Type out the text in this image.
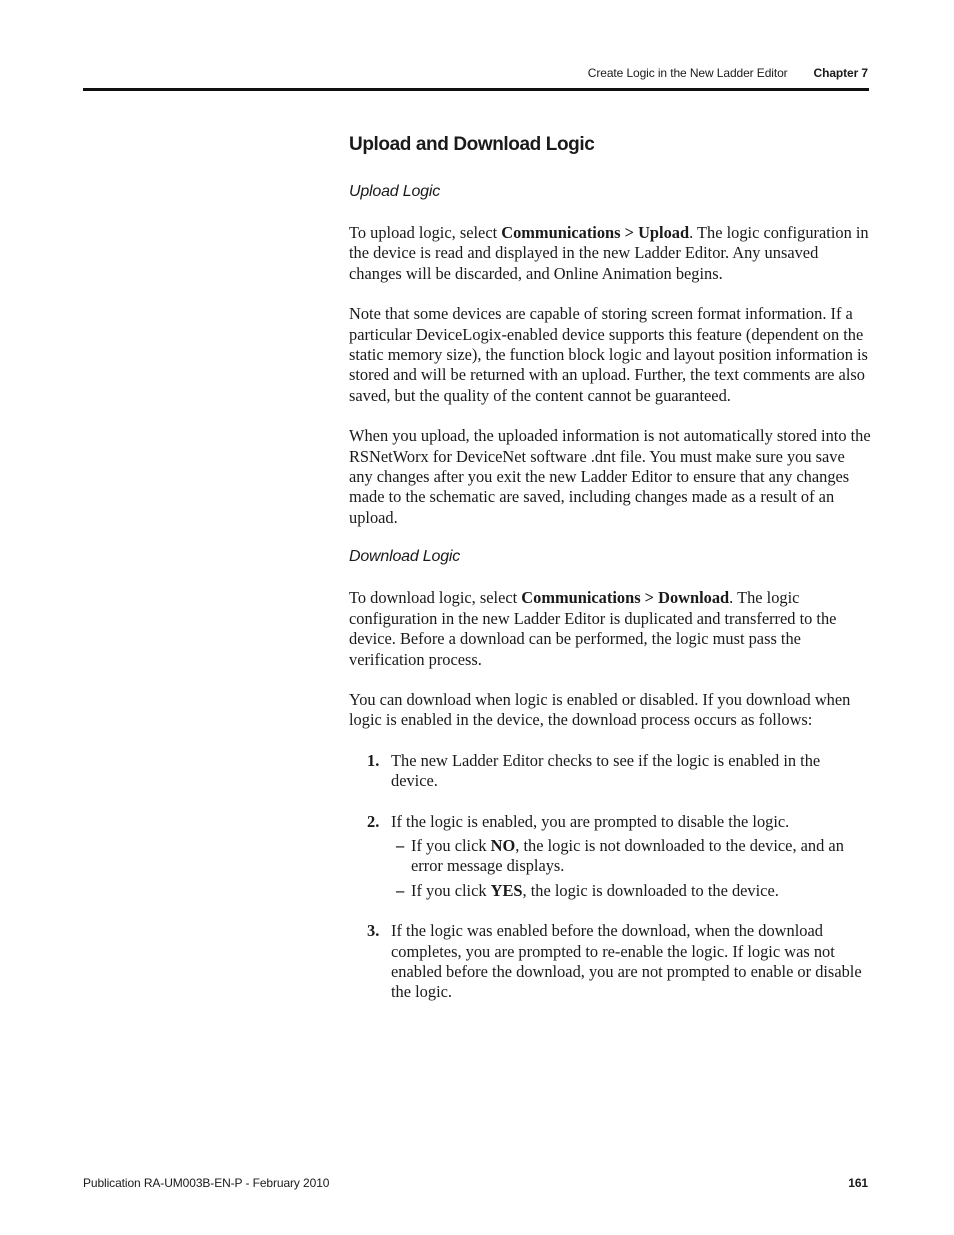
Create Logic in the New Ladder Editor Chapter 7
Upload and Download Logic
Upload Logic

To upload logic, select Communications > Upload. The logic configuration in the device is read and displayed in the new Ladder Editor. Any unsaved changes will be discarded, and Online Animation begins.

Note that some devices are capable of storing screen format information. If a particular DeviceLogix-enabled device supports this feature (dependent on the static memory size), the function block logic and layout position information is stored and will be returned with an upload. Further, the text comments are also saved, but the quality of the content cannot be guaranteed.

When you upload, the uploaded information is not automatically stored into the RSNetWorx for DeviceNet software .dnt file. You must make sure you save any changes after you exit the new Ladder Editor to ensure that any changes made to the schematic are saved, including changes made as a result of an upload.

Download Logic

To download logic, select Communications > Download. The logic configuration in the new Ladder Editor is duplicated and transferred to the device. Before a download can be performed, the logic must pass the verification process.

You can download when logic is enabled or disabled. If you download when logic is enabled in the device, the download process occurs as follows:

1. The new Ladder Editor checks to see if the logic is enabled in the device.
2. If the logic is enabled, you are prompted to disable the logic.
– If you click NO, the logic is not downloaded to the device, and an error message displays.
– If you click YES, the logic is downloaded to the device.
3. If the logic was enabled before the download, when the download completes, you are prompted to re-enable the logic. If logic was not enabled before the download, you are not prompted to enable or disable the logic.
Publication RA-UM003B-EN-P - February 2010	161
